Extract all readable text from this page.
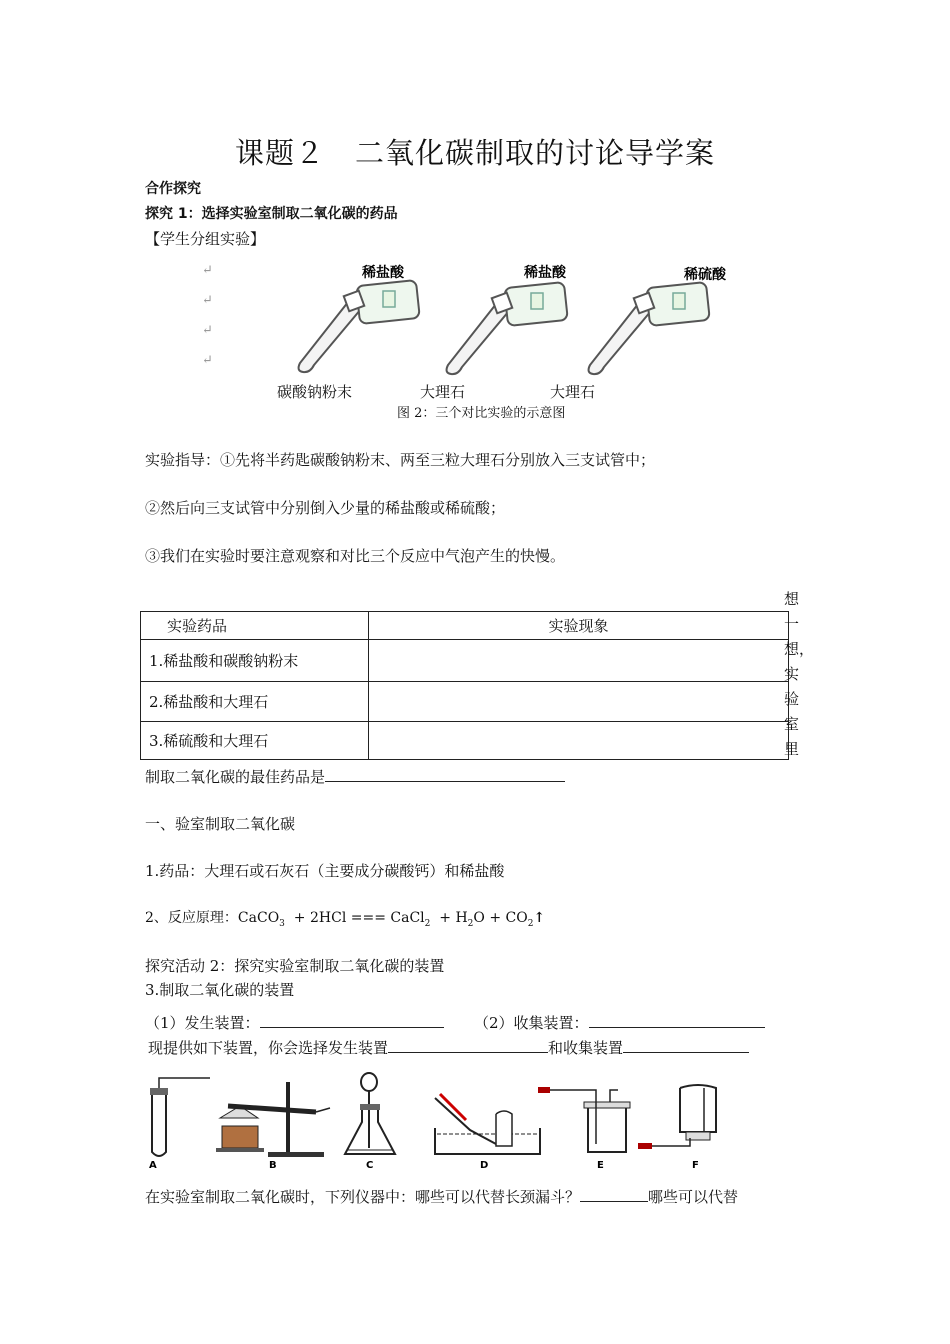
课题２　二氧化碳制取的讨论导学案
合作探究
探究 1：选择实验室制取二氧化碳的药品
【学生分组实验】
↵
↵
↵
↵
稀盐酸	稀盐酸	稀硫酸
碳酸钠粉末	大理石	大理石
图 2：三个对比实验的示意图
实验指导：①先将半药匙碳酸钠粉末、两至三粒大理石分别放入三支试管中；
②然后向三支试管中分别倒入少量的稀盐酸或稀硫酸；
③我们在实验时要注意观察和对比三个反应中气泡产生的快慢。
实验药品	实验现象
1.稀盐酸和碳酸钠粉末	
2.稀盐酸和大理石	
3.稀硫酸和大理石	
想
一
想，
实
验
室
里
制取二氧化碳的最佳药品是
一、验室制取二氧化碳
1.药品：大理石或石灰石（主要成分碳酸钙）和稀盐酸
2、反应原理：CaCO$_3$  + 2HCl === CaCl$_2$  + $H_2O$ + $CO_2↑$
探究活动 2：探究实验室制取二氧化碳的装置
3.制取二氧化碳的装置
（1）发生装置：	（2）收集装置：
现提供如下装置，你会选择发生装置	和收集装置
A	B	C	D	E	F
在实验室制取二氧化碳时，下列仪器中：哪些可以代替长颈漏斗？	哪些可以代替
